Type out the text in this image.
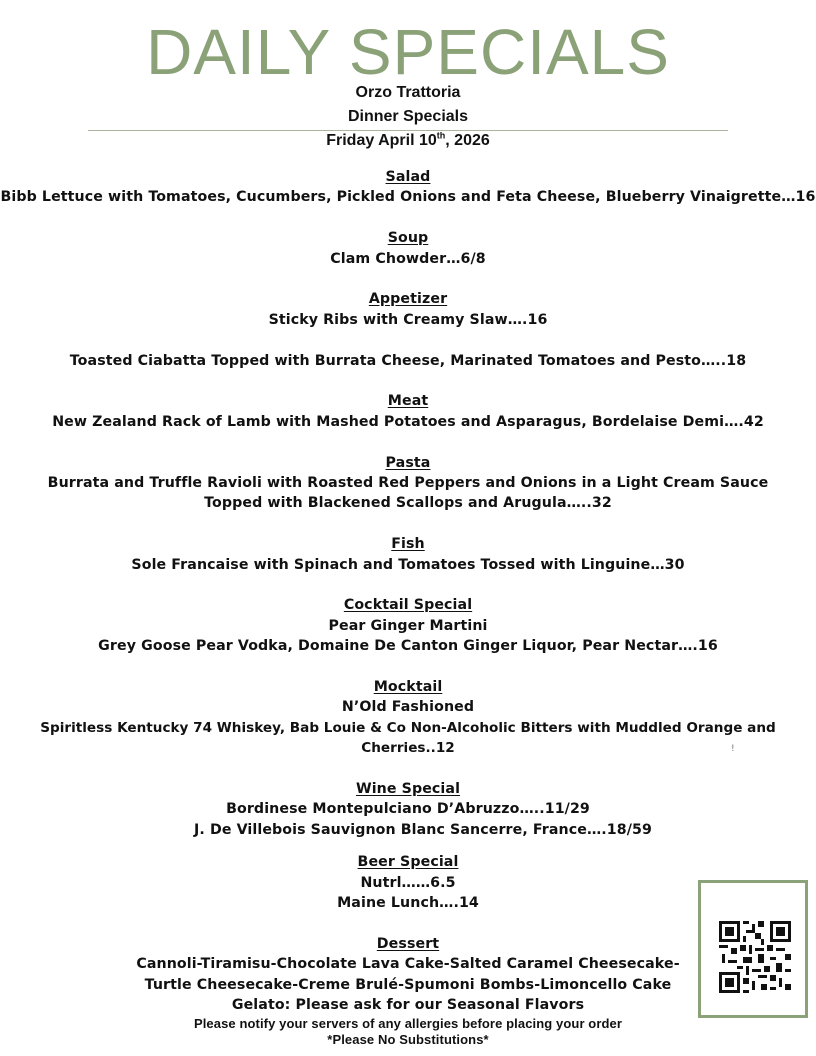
DAILY SPECIALS
Orzo Trattoria
Dinner Specials
Friday April 10th, 2026
Salad
Bibb Lettuce with Tomatoes, Cucumbers, Pickled Onions and Feta Cheese, Blueberry Vinaigrette…16
Soup
Clam Chowder…6/8
Appetizer
Sticky Ribs with Creamy Slaw….16
Toasted Ciabatta Topped with Burrata Cheese, Marinated Tomatoes and Pesto…..18
Meat
New Zealand Rack of Lamb with Mashed Potatoes and Asparagus, Bordelaise Demi….42
Pasta
Burrata and Truffle Ravioli with Roasted Red Peppers and Onions in a Light Cream Sauce
Topped with Blackened Scallops and Arugula…..32
Fish
Sole Francaise with Spinach and Tomatoes Tossed with Linguine…30
Cocktail Special
Pear Ginger Martini
Grey Goose Pear Vodka, Domaine De Canton Ginger Liquor, Pear Nectar….16
Mocktail
N’Old Fashioned
Spiritless Kentucky 74 Whiskey, Bab Louie & Co Non-Alcoholic Bitters with Muddled Orange and Cherries..12
Wine Special
Bordinese Montepulciano D’Abruzzo…..11/29
J. De Villebois Sauvignon Blanc Sancerre, France….18/59
Beer Special
Nutrl……6.5
Maine Lunch….14
Dessert
Cannoli-Tiramisu-Chocolate Lava Cake-Salted Caramel Cheesecake-
Turtle Cheesecake-Creme Brulé-Spumoni Bombs-Limoncello Cake
Gelato: Please ask for our Seasonal Flavors
Please notify your servers of any allergies before placing your order
*Please No Substitutions*
!
